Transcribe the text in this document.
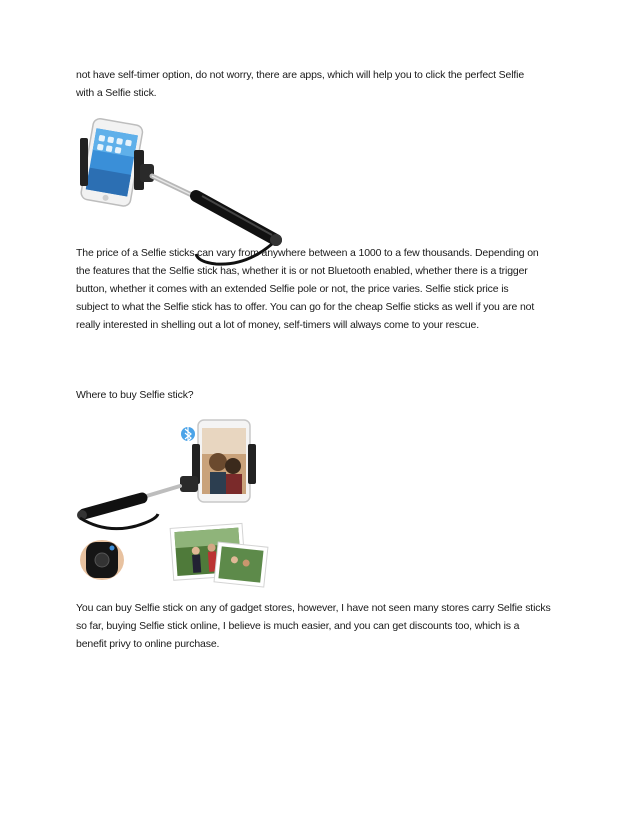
not have self-timer option, do not worry, there are apps, which will help you to click the perfect Selfie
with a Selfie stick.

The price of a Selfie sticks can vary from anywhere between a 1000 to a few thousands. Depending on
the features that the Selfie stick has, whether it is or not Bluetooth enabled, whether there is a trigger
button, whether it comes with an extended Selfie pole or not, the price varies. Selfie stick price is
subject to what the Selfie stick has to offer. You can go for the cheap Selfie sticks as well if you are not
really interested in shelling out a lot of money, self-timers will always come to your rescue.

Where to buy Selfie stick?

You can buy Selfie stick on any of gadget stores, however, I have not seen many stores carry Selfie sticks
so far, buying Selfie stick online, I believe is much easier, and you can get discounts too, which is a
benefit privy to online purchase.
